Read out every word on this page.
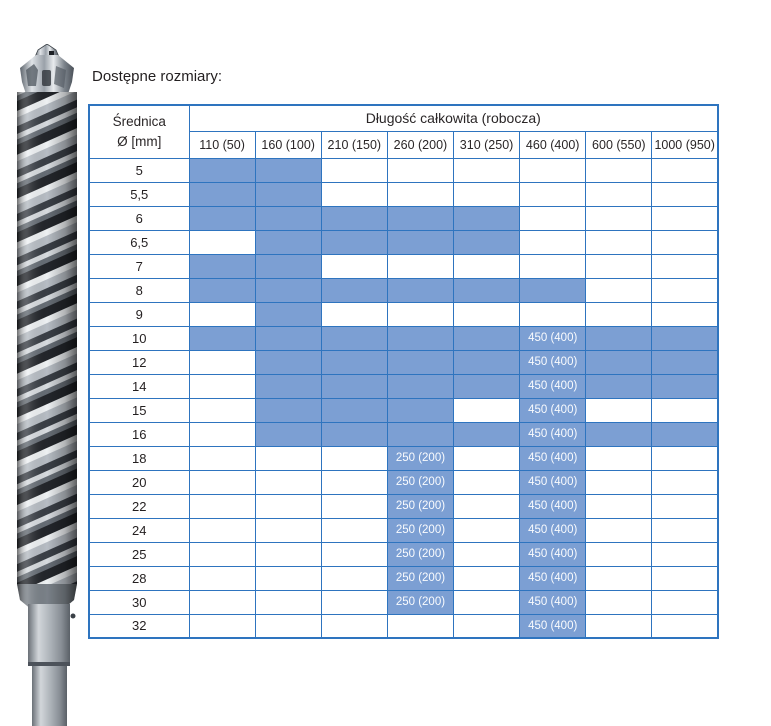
Dostępne rozmiary:
Średnica
Ø [mm]	Długość całkowita (robocza)							
	110 (50)	160 (100)	210 (150)	260 (200)	310 (250)	460 (400)	600 (550)	1000 (950)
5								
5,5								
6								
6,5								
7								
8								
9								
10						450 (400)		
12						450 (400)		
14						450 (400)		
15						450 (400)		
16						450 (400)		
18				250 (200)		450 (400)		
20				250 (200)		450 (400)		
22				250 (200)		450 (400)		
24				250 (200)		450 (400)		
25				250 (200)		450 (400)		
28				250 (200)		450 (400)		
30				250 (200)		450 (400)		
32						450 (400)		
